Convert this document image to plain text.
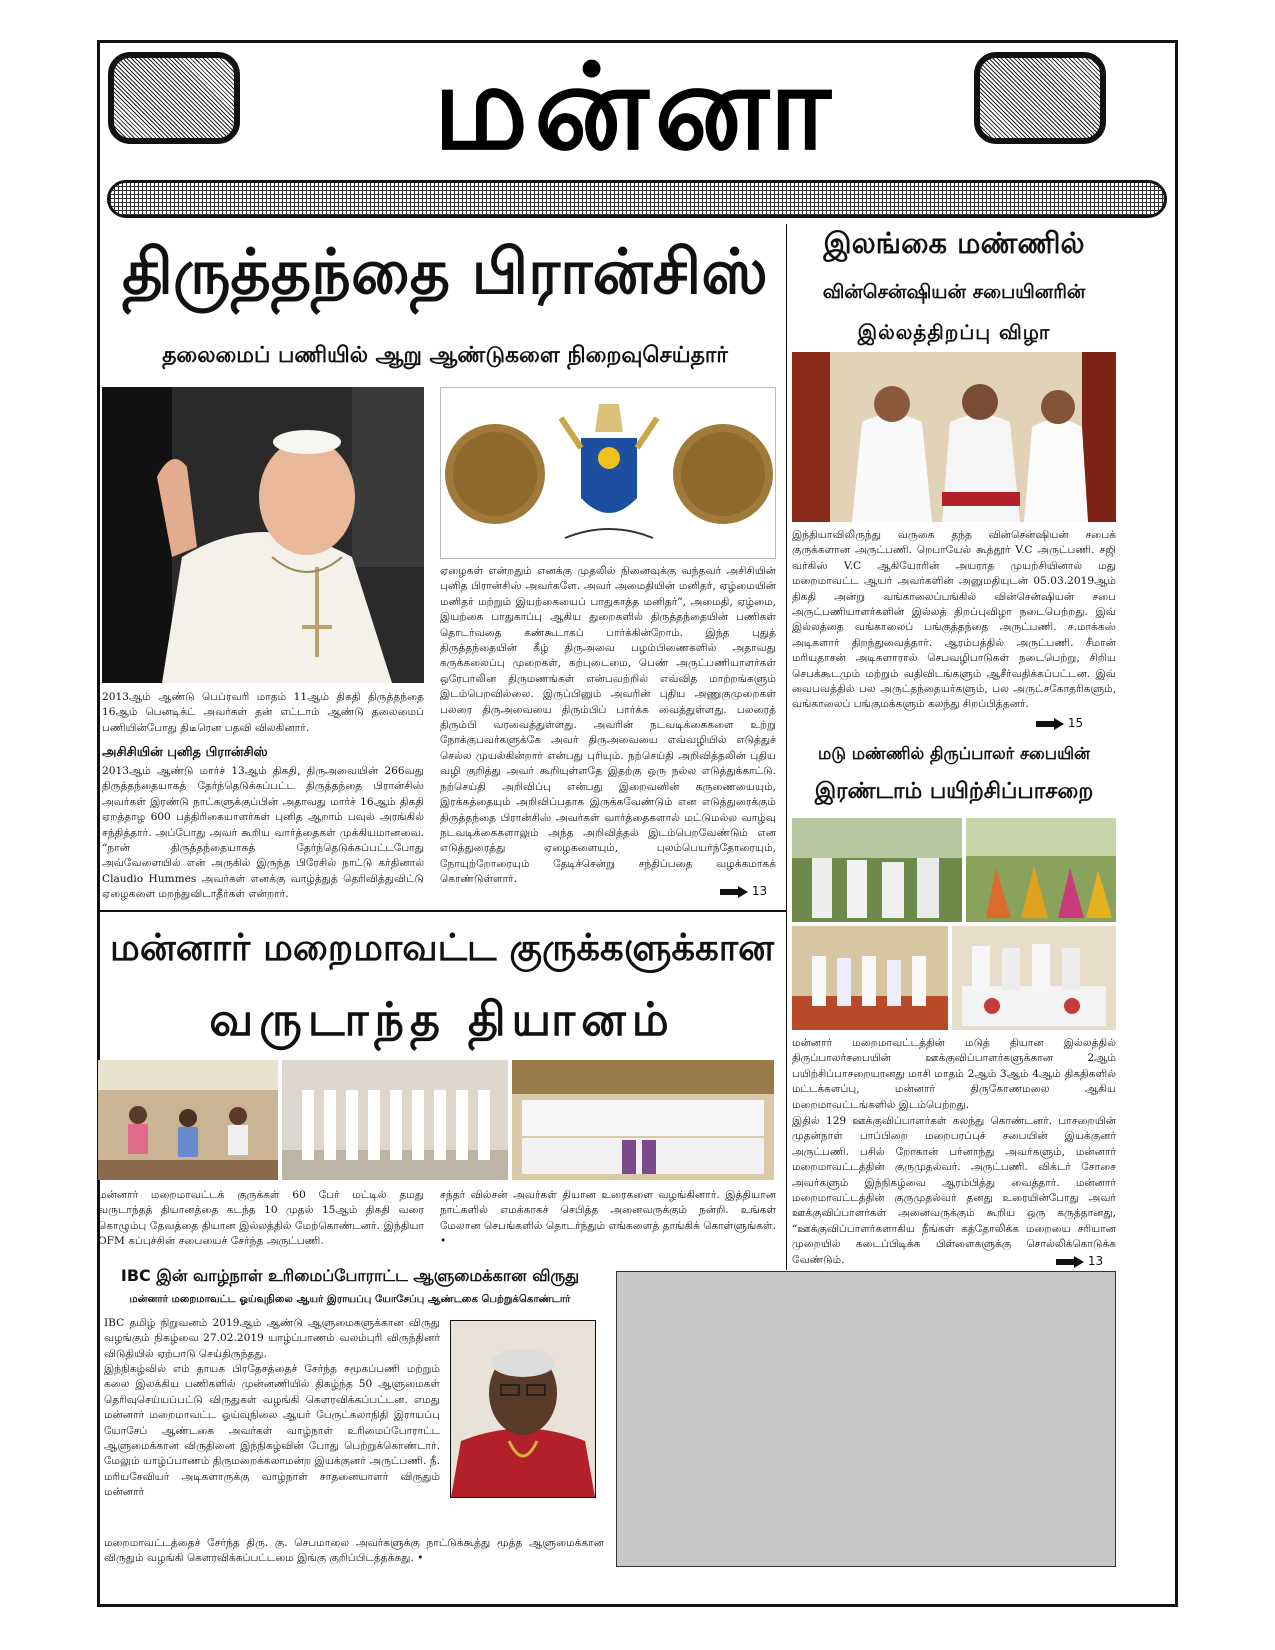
மன்னா
திருத்தந்தை பிரான்சிஸ்
தலைமைப் பணியில் ஆறு ஆண்டுகளை நிறைவுசெய்தார்
2013ஆம் ஆண்டு பெப்ரவரி மாதம் 11ஆம் திகதி திருத்தந்தை 16ஆம் பெனடிக்ட் அவர்கள் தன் எட்டாம் ஆண்டு தலைமைப் பணியின்போது திடீரென பதவி விலகினார்.
அசிசியின் புனித பிரான்சிஸ்
2013ஆம் ஆண்டு மார்ச் 13ஆம் திகதி, திருஅவையின் 266வது திருத்தந்தையாகத் தேர்ந்தெடுக்கப்பட்ட திருத்தந்தை பிரான்சிஸ் அவர்கள் இரண்டு நாட்களுக்குப்பின் அதாவது மார்ச் 16ஆம் திகதி ஏறத்தாழ 600 பத்திரிகையாளர்கள் புனித ஆறாம் பவுல் அரங்கில் சந்தித்தார். அப்போது அவர் கூறிய வார்த்தைகள் முக்கியமானவை. “நான் திருத்தந்தையாகத் தேர்ந்தெடுக்கப்பட்டபோது அவ்வேளையில் என் அருகில் இருந்த பிரேசில் நாட்டு கர்தினால் Claudio Hummes அவர்கள் எனக்கு வாழ்த்துத் தெரிவித்துவிட்டு ஏழைகளை மறந்துவிடாதீர்கள் என்றார்.
ஏழைகள் என்றதும் எனக்கு முதலில் நினைவுக்கு வந்தவர் அசிசியின் புனித பிரான்சிஸ் அவர்களே. அவர் அமைதியின் மனிதர், ஏழ்மையின் மனிதர் மற்றும் இயற்கையைப் பாதுகாத்த மனிதர்”, அமைதி, ஏழ்மை, இயற்கை பாதுகாப்பு ஆகிய துறைகளில் திருத்தந்தையின் பணிகள் தொடர்வதை கண்கூடாகப் பார்க்கின்றோம். இந்த புதுத் திருத்தந்தையின் கீழ் திருஅவை பழம்பிணைகளில் அதாவது கருக்கலைப்பு முறைகள், கற்புடைமை, பெண் அருட்பணியாளர்கள் ஒரேபாலின திருமணங்கள் என்பவற்றில் எவ்வித மாற்றங்களும் இடம்பெறவில்லை. இருப்பினும் அவரின் புதிய அணுகுமுறைகள் பலரை திருஅவையை திரும்பிப் பார்க்க வைத்துள்ளது. பலரைத் திரும்பி வரவைத்துள்ளது. அவரின் நடவடிக்கைகளை உற்று நோக்குபவர்களுக்கே அவர் திருஅவையை எவ்வழியில் எடுத்துச் செல்ல முயல்கின்றார் என்பது புரியும். நற்செய்தி அறிவித்தலின் புதிய வழி குறித்து அவர் கூறியுள்ளதே இதற்கு ஒரு நல்ல எடுத்துக்காட்டு. நற்செய்தி அறிவிப்பு என்பது இறைவனின் கருணையையும், இரக்கத்தையும் அறிவிப்பதாக இருக்கவேண்டும் என எடுத்துரைக்கும் திருத்தந்தை பிரான்சிஸ் அவர்கள் வார்த்தைகளால் மட்டுமல்ல வாழ்வு நடவடிக்கைகளாலும் அந்த அறிவித்தல் இடம்பெறவேண்டும் என எடுத்துரைத்து ஏழைகளையும், புலம்பெயர்ந்தோரையும், நோயுற்றோரையும் தேடிச்சென்று சந்திப்பதை வழக்கமாகக் கொண்டுள்ளார்.
13
இலங்கை மண்ணில்
வின்சென்ஷியன் சபையினரின்
இல்லத்திறப்பு விழா
இந்தியாவிலிருந்து வருகை தந்த வின்சென்ஷியன் சபைக் குருக்களான அருட்பணி. றெபாயேல் கூத்தூர் V.C அருட்பணி. சஜி வர்கிஸ் V.C ஆகியோரின் அயராத முயற்சியினால் மது மறைமாவட்ட ஆயர் அவர்களின் அனுமதியுடன் 05.03.2019ஆம் திகதி அன்று வங்காலைப்பங்கில் வின்சென்ஷியன் சபை அருட்பணியாளர்களின் இல்லத் திறப்புவிழா நடைபெற்றது. இவ் இல்லத்தை வங்காலைப் பங்குத்தந்தை அருட்பணி. ச.மாக்கஸ் அடிகளார் திறந்துவைத்தார். ஆரம்பத்தில் அருட்பணி. சீமான் மரியதாசன் அடிகளாரால் செபவழிபாடுகள் நடைபெற்று, சிறிய செபக்கூடமும் மற்றும் வதிவிடங்களும் ஆசீர்வதிக்கப்பட்டன. இவ் வைபவத்தில் பல அருட்தந்தையர்களும், பல அருட்சகோதரிகளும், வங்காலைப் பங்குமக்களும் கலந்து சிறப்பித்தனர்.
15
மடு மண்ணில் திருப்பாலர் சபையின்
இரண்டாம் பயிற்சிப்பாசறை
மன்னார் மறைமாவட்டத்தின் மடுத் தியான இல்லத்தில் திருப்பாலர்சபையின் ஊக்குவிப்பாளர்களுக்கான 2ஆம் பயிற்சிப்பாசறையானது மாசி மாதம் 2ஆம் 3ஆம் 4ஆம் திகதிகளில் மட்டக்களப்பு, மன்னார் திருகோணமலை ஆகிய மறைமாவட்டங்களில் இடம்பெற்றது.
இதில் 129 ஊக்குவிப்பாளர்கள் கலந்து கொண்டனர். பாசறையின் முதன்நாள் பாப்பிறை மறைபரப்புச் சபையின் இயக்குனர் அருட்பணி. பசில் றோகான் பர்னாந்து அவர்களும், மன்னார் மறைமாவட்டத்தின் குருமுதல்வர். அருட்பணி. விக்டர் சோசை அவர்களும் இந்நிகழ்வை ஆரம்பித்து வைத்தார். மன்னார் மறைமாவட்டத்தின் குருமுதல்வர் தனது உரையின்போது அவர் ஊக்குவிப்பாளர்கள் அனைவருக்கும் கூறிய ஒரு கருத்தானது, “ஊக்குவிப்பாளர்களாகிய நீங்கள் கத்தோலிக்க மறையை சரியான முறையில் கடைப்பிடிக்க பிள்ளைகளுக்கு சொல்லிக்கொடுக்க வேண்டும்.	13
மன்னார் மறைமாவட்ட குருக்களுக்கான
வருடாந்த தியானம்
மன்னார் மறைமாவட்டக் குருக்கள் 60 பேர் மட்டில் தமது வருடாந்தத் தியானத்தை கடந்த 10 முதல் 15ஆம் திகதி வரை கொழும்பு தேவத்தை தியான இல்லத்தில் மேற்கொண்டனர். இந்தியா OFM கப்புச்சின் சபையைச் சேர்ந்த அருட்பணி.
சந்தர் வில்சன் அவர்கள் தியான உரைகளை வழங்கினார். இத்தியான நாட்களில் எமக்காகச் செபித்த அனைவருக்கும் நன்றி. உங்கள் மேலான செபங்களில் தொடர்ந்தும் எங்களைத் தாங்கிக் கொள்ளுங்கள். •
IBC இன் வாழ்நாள் உரிமைப்போராட்ட ஆளுமைக்கான விருது
மன்னார் மறைமாவட்ட ஓய்வுநிலை ஆயர் இராயப்பு யோசேப்பு ஆண்டகை பெற்றுக்கொண்டார்
IBC தமிழ் நிறுவனம் 2019ஆம் ஆண்டு ஆளுமைகளுக்கான விருது வழங்கும் நிகழ்வை 27.02.2019 யாழ்ப்பாணம் வலம்புரி விருந்தினர் விடுதியில் ஏற்பாடு செய்திருந்தது.
இந்நிகழ்வில் எம் தாயக பிரதேசத்தைச் சேர்ந்த சமூகப்பணி மற்றும் கலை இலக்கிய பணிகளில் முன்னணியில் திகழ்ந்த 50 ஆளுமைகள் தெரிவுசெய்யப்பட்டு விருதுகள் வழங்கி கௌரவிக்கப்பட்டன. எமது மன்னார் மறைமாவட்ட ஓய்வுநிலை ஆயர் பேருட்கலாநிதி இராயப்பு யோசேப் ஆண்டகை அவர்கள் வாழ்நாள் உரிமைப்போராட்ட ஆளுமைக்கான விருதினை இந்நிகழ்வின் போது பெற்றுக்கொண்டார். மேலும் யாழ்ப்பாணம் திருமறைக்கலாமன்ற இயக்குனர் அருட்பணி. நீ. மரியசேவியர் அடிகளாருக்கு வாழ்நாள் சாதனையாளர் விருதும் மன்னார்
மறைமாவட்டத்தைச் சேர்ந்த திரு. கு. செபமாலை அவர்களுக்கு நாட்டுக்கூத்து மூத்த ஆளுமைக்கான விருதும் வழங்கி கௌரவிக்கப்பட்டமை இங்கு குறிப்பிடத்தக்கது. •
